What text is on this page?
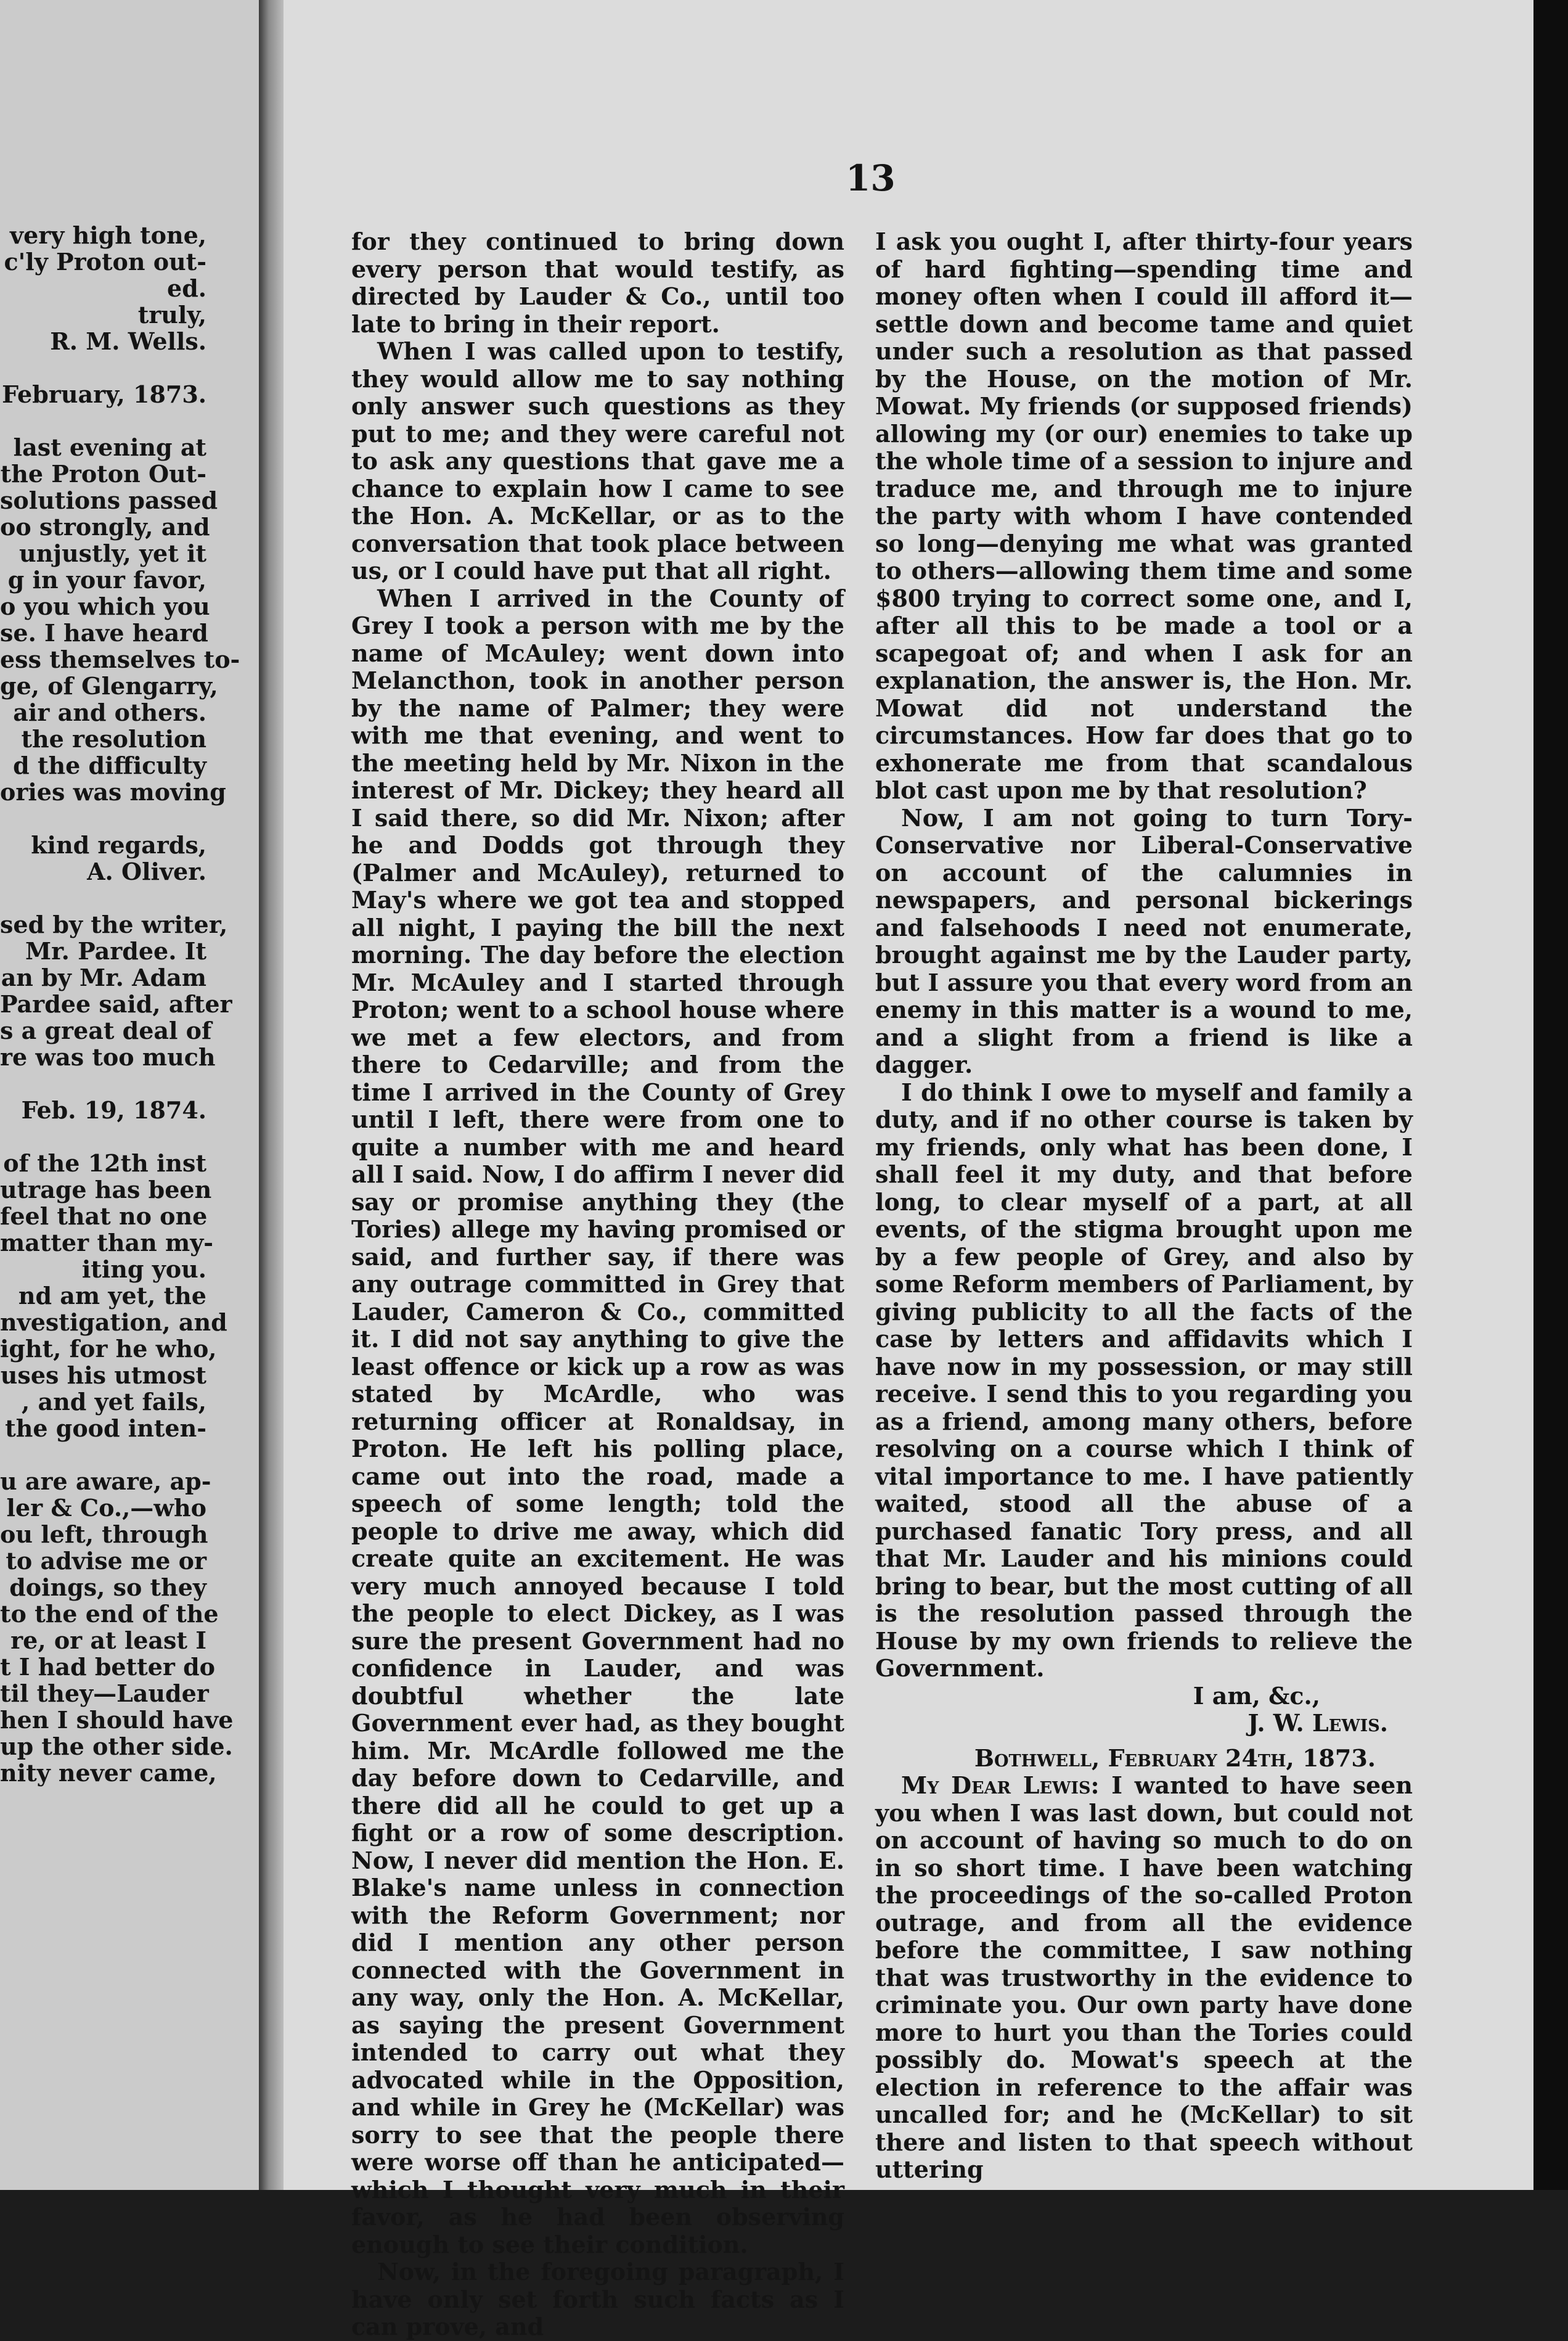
very high tone,

c'ly Proton out-

ed.

truly,

R. M. Wells.

February, 1873.

last evening at

the Proton Out-

solutions passed

oo strongly, and

unjustly, yet it

g in your favor,

o you which you

se. I have heard

ess themselves to-

ge, of Glengarry,

air and others.

the resolution

d the difficulty

ories was moving

kind regards,

A. Oliver.

sed by the writer,

Mr. Pardee. It

an by Mr. Adam

Pardee said, after

s a great deal of

re was too much

Feb. 19, 1874.

of the 12th inst

utrage has been

feel that no one

matter than my-

iting you.

nd am yet, the

nvestigation, and

ight, for he who,

uses his utmost

, and yet fails,

the good inten-

u are aware, ap-

ler & Co.,—who

ou left, through

to advise me or

doings, so they

to the end of the

re, or at least I

t I had better do

til they—Lauder

hen I should have

up the other side.

nity never came,

13

for they continued to bring down every person that would testify, as directed by Lauder & Co., until too late to bring in their report.

When I was called upon to testify, they would allow me to say nothing only answer such questions as they put to me; and they were careful not to ask any questions that gave me a chance to explain how I came to see the Hon. A. McKellar, or as to the conversation that took place between us, or I could have put that all right.

When I arrived in the County of Grey I took a person with me by the name of McAuley; went down into Melancthon, took in another person by the name of Palmer; they were with me that evening, and went to the meeting held by Mr. Nixon in the interest of Mr. Dickey; they heard all I said there, so did Mr. Nixon; after he and Dodds got through they (Palmer and McAuley), returned to May's where we got tea and stopped all night, I paying the bill the next morning. The day before the election Mr. McAuley and I started through Proton; went to a school house where we met a few electors, and from there to Cedarville; and from the time I arrived in the County of Grey until I left, there were from one to quite a number with me and heard all I said. Now, I do affirm I never did say or promise anything they (the Tories) allege my having promised or said, and further say, if there was any outrage committed in Grey that Lauder, Cameron & Co., committed it. I did not say anything to give the least offence or kick up a row as was stated by McArdle, who was returning officer at Ronaldsay, in Proton. He left his polling place, came out into the road, made a speech of some length; told the people to drive me away, which did create quite an excitement. He was very much annoyed because I told the people to elect Dickey, as I was sure the present Government had no confidence in Lauder, and was doubtful whether the late Government ever had, as they bought him. Mr. McArdle followed me the day before down to Cedarville, and there did all he could to get up a fight or a row of some description. Now, I never did mention the Hon. E. Blake's name unless in connection with the Reform Government; nor did I mention any other person connected with the Government in any way, only the Hon. A. McKellar, as saying the present Government intended to carry out what they advocated while in the Opposition, and while in Grey he (McKellar) was sorry to see that the people there were worse off than he anticipated—which I thought very much in their favor, as he had been observing enough to see their condition.

Now, in the foregoing paragraph, I have only set forth such facts as I can prove, and

I ask you ought I, after thirty-four years of hard fighting—spending time and money often when I could ill afford it—settle down and become tame and quiet under such a resolution as that passed by the House, on the motion of Mr. Mowat. My friends (or supposed friends) allowing my (or our) enemies to take up the whole time of a session to injure and traduce me, and through me to injure the party with whom I have contended so long—denying me what was granted to others—allowing them time and some $800 trying to correct some one, and I, after all this to be made a tool or a scapegoat of; and when I ask for an explanation, the answer is, the Hon. Mr. Mowat did not understand the circumstances. How far does that go to exhonerate me from that scandalous blot cast upon me by that resolution?

Now, I am not going to turn Tory-Conservative nor Liberal-Conservative on account of the calumnies in newspapers, and personal bickerings and falsehoods I need not enumerate, brought against me by the Lauder party, but I assure you that every word from an enemy in this matter is a wound to me, and a slight from a friend is like a dagger.

I do think I owe to myself and family a duty, and if no other course is taken by my friends, only what has been done, I shall feel it my duty, and that before long, to clear myself of a part, at all events, of the stigma brought upon me by a few people of Grey, and also by some Reform members of Parliament, by giving publicity to all the facts of the case by letters and affidavits which I have now in my possession, or may still receive. I send this to you regarding you as a friend, among many others, before resolving on a course which I think of vital importance to me. I have patiently waited, stood all the abuse of a purchased fanatic Tory press, and all that Mr. Lauder and his minions could bring to bear, but the most cutting of all is the resolution passed through the House by my own friends to relieve the Government.

I am, &c.,

J. W. Lewis.

Bothwell, February 24th, 1873.

My Dear Lewis: I wanted to have seen you when I was last down, but could not on account of having so much to do on in so short time. I have been watching the proceedings of the so-called Proton outrage, and from all the evidence before the committee, I saw nothing that was trustworthy in the evidence to criminate you. Our own party have done more to hurt you than the Tories could possibly do. Mowat's speech at the election in reference to the affair was uncalled for; and he (McKellar) to sit there and listen to that speech without uttering
